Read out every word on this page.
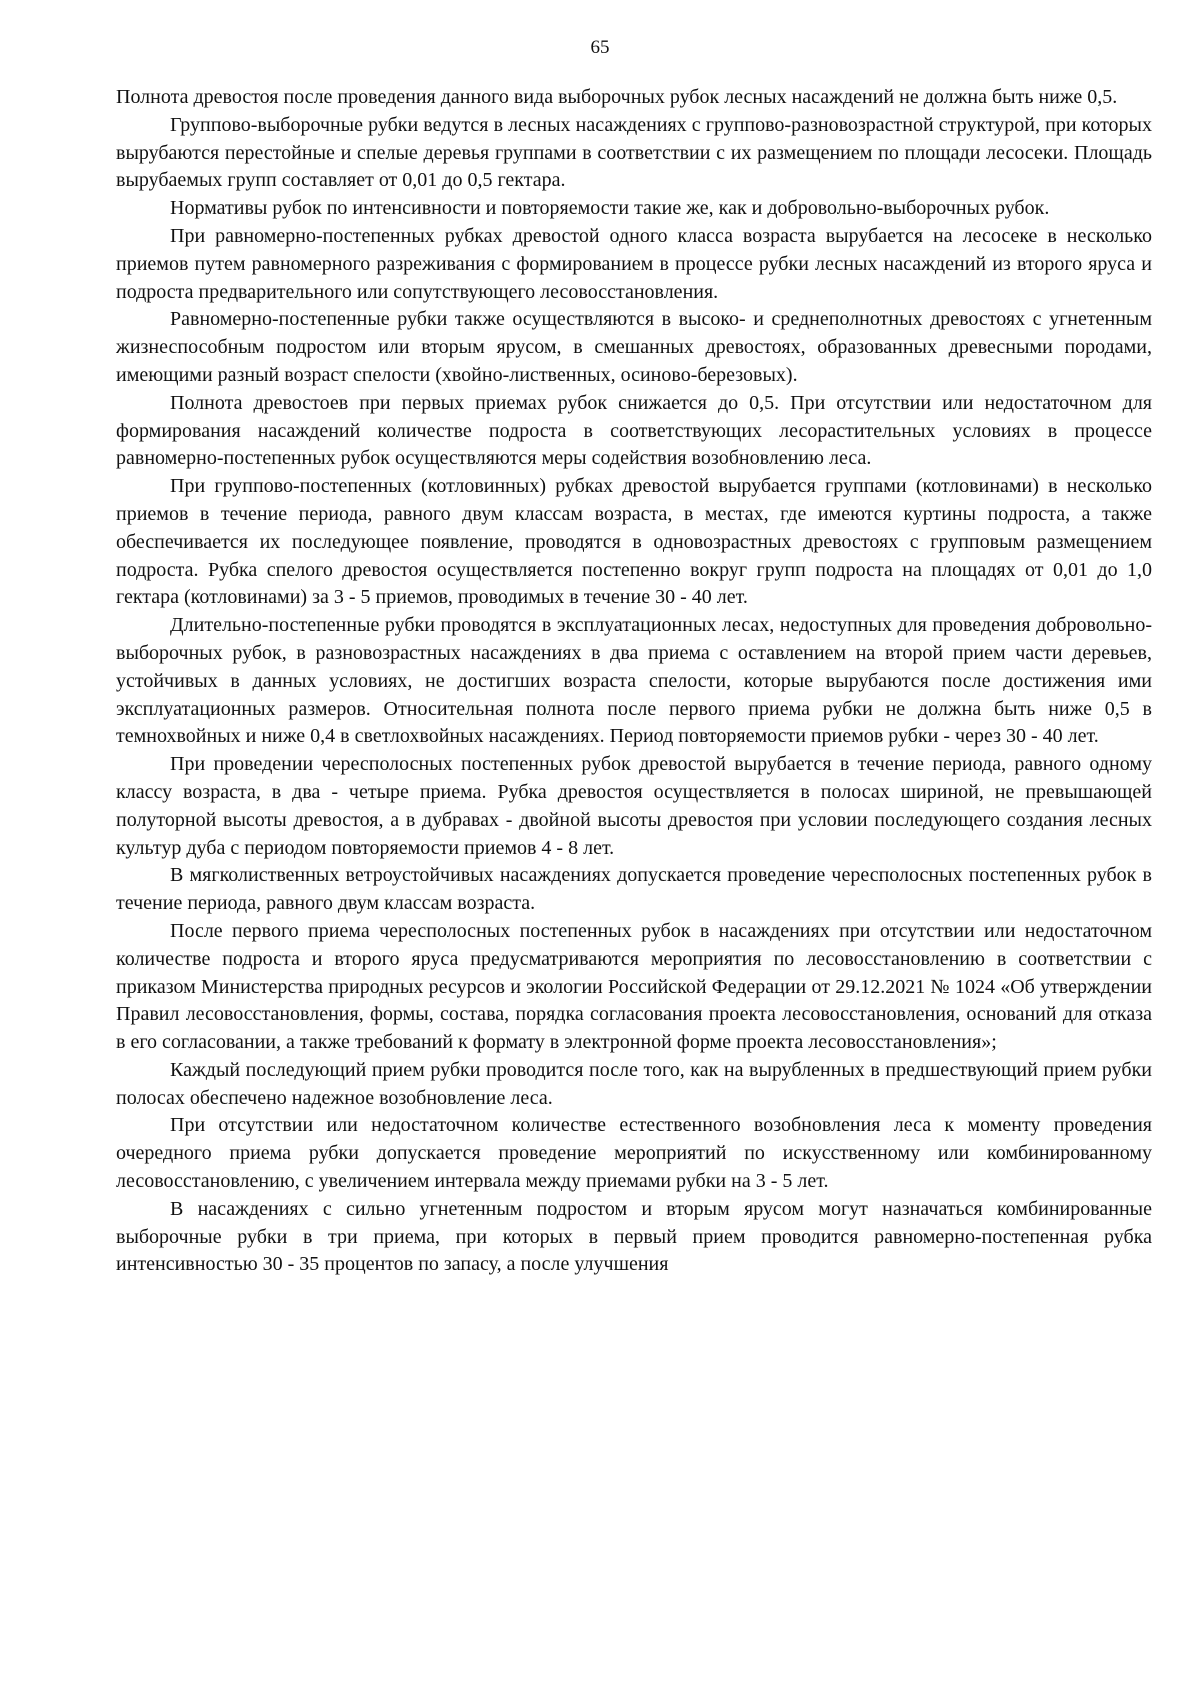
65

Полнота древостоя после проведения данного вида выборочных рубок лесных насаждений не должна быть ниже 0,5.

Группово-выборочные рубки ведутся в лесных насаждениях с группово-разновозрастной структурой, при которых вырубаются перестойные и спелые деревья группами в соответствии с их размещением по площади лесосеки. Площадь вырубаемых групп составляет от 0,01 до 0,5 гектара.

Нормативы рубок по интенсивности и повторяемости такие же, как и добровольно-выборочных рубок.

При равномерно-постепенных рубках древостой одного класса возраста вырубается на лесосеке в несколько приемов путем равномерного разреживания с формированием в процессе рубки лесных насаждений из второго яруса и подроста предварительного или сопутствующего лесовосстановления.

Равномерно-постепенные рубки также осуществляются в высоко- и среднеполнотных древостоях с угнетенным жизнеспособным подростом или вторым ярусом, в смешанных древостоях, образованных древесными породами, имеющими разный возраст спелости (хвойно-лиственных, осиново-березовых).

Полнота древостоев при первых приемах рубок снижается до 0,5. При отсутствии или недостаточном для формирования насаждений количестве подроста в соответствующих лесорастительных условиях в процессе равномерно-постепенных рубок осуществляются меры содействия возобновлению леса.

При группово-постепенных (котловинных) рубках древостой вырубается группами (котловинами) в несколько приемов в течение периода, равного двум классам возраста, в местах, где имеются куртины подроста, а также обеспечивается их последующее появление, проводятся в одновозрастных древостоях с групповым размещением подроста. Рубка спелого древостоя осуществляется постепенно вокруг групп подроста на площадях от 0,01 до 1,0 гектара (котловинами) за 3 - 5 приемов, проводимых в течение 30 - 40 лет.

Длительно-постепенные рубки проводятся в эксплуатационных лесах, недоступных для проведения добровольно-выборочных рубок, в разновозрастных насаждениях в два приема с оставлением на второй прием части деревьев, устойчивых в данных условиях, не достигших возраста спелости, которые вырубаются после достижения ими эксплуатационных размеров. Относительная полнота после первого приема рубки не должна быть ниже 0,5 в темнохвойных и ниже 0,4 в светлохвойных насаждениях. Период повторяемости приемов рубки - через 30 - 40 лет.

При проведении чересполосных постепенных рубок древостой вырубается в течение периода, равного одному классу возраста, в два - четыре приема. Рубка древостоя осуществляется в полосах шириной, не превышающей полуторной высоты древостоя, а в дубравах - двойной высоты древостоя при условии последующего создания лесных культур дуба с периодом повторяемости приемов 4 - 8 лет.

В мягколиственных ветроустойчивых насаждениях допускается проведение чересполосных постепенных рубок в течение периода, равного двум классам возраста.

После первого приема чересполосных постепенных рубок в насаждениях при отсутствии или недостаточном количестве подроста и второго яруса предусматриваются мероприятия по лесовосстановлению в соответствии с приказом Министерства природных ресурсов и экологии Российской Федерации от 29.12.2021 № 1024 «Об утверждении Правил лесовосстановления, формы, состава, порядка согласования проекта лесовосстановления, оснований для отказа в его согласовании, а также требований к формату в электронной форме проекта лесовосстановления»;

Каждый последующий прием рубки проводится после того, как на вырубленных в предшествующий прием рубки полосах обеспечено надежное возобновление леса.

При отсутствии или недостаточном количестве естественного возобновления леса к моменту проведения очередного приема рубки допускается проведение мероприятий по искусственному или комбинированному лесовосстановлению, с увеличением интервала между приемами рубки на 3 - 5 лет.

В насаждениях с сильно угнетенным подростом и вторым ярусом могут назначаться комбинированные выборочные рубки в три приема, при которых в первый прием проводится равномерно-постепенная рубка интенсивностью 30 - 35 процентов по запасу, а после улучшения
